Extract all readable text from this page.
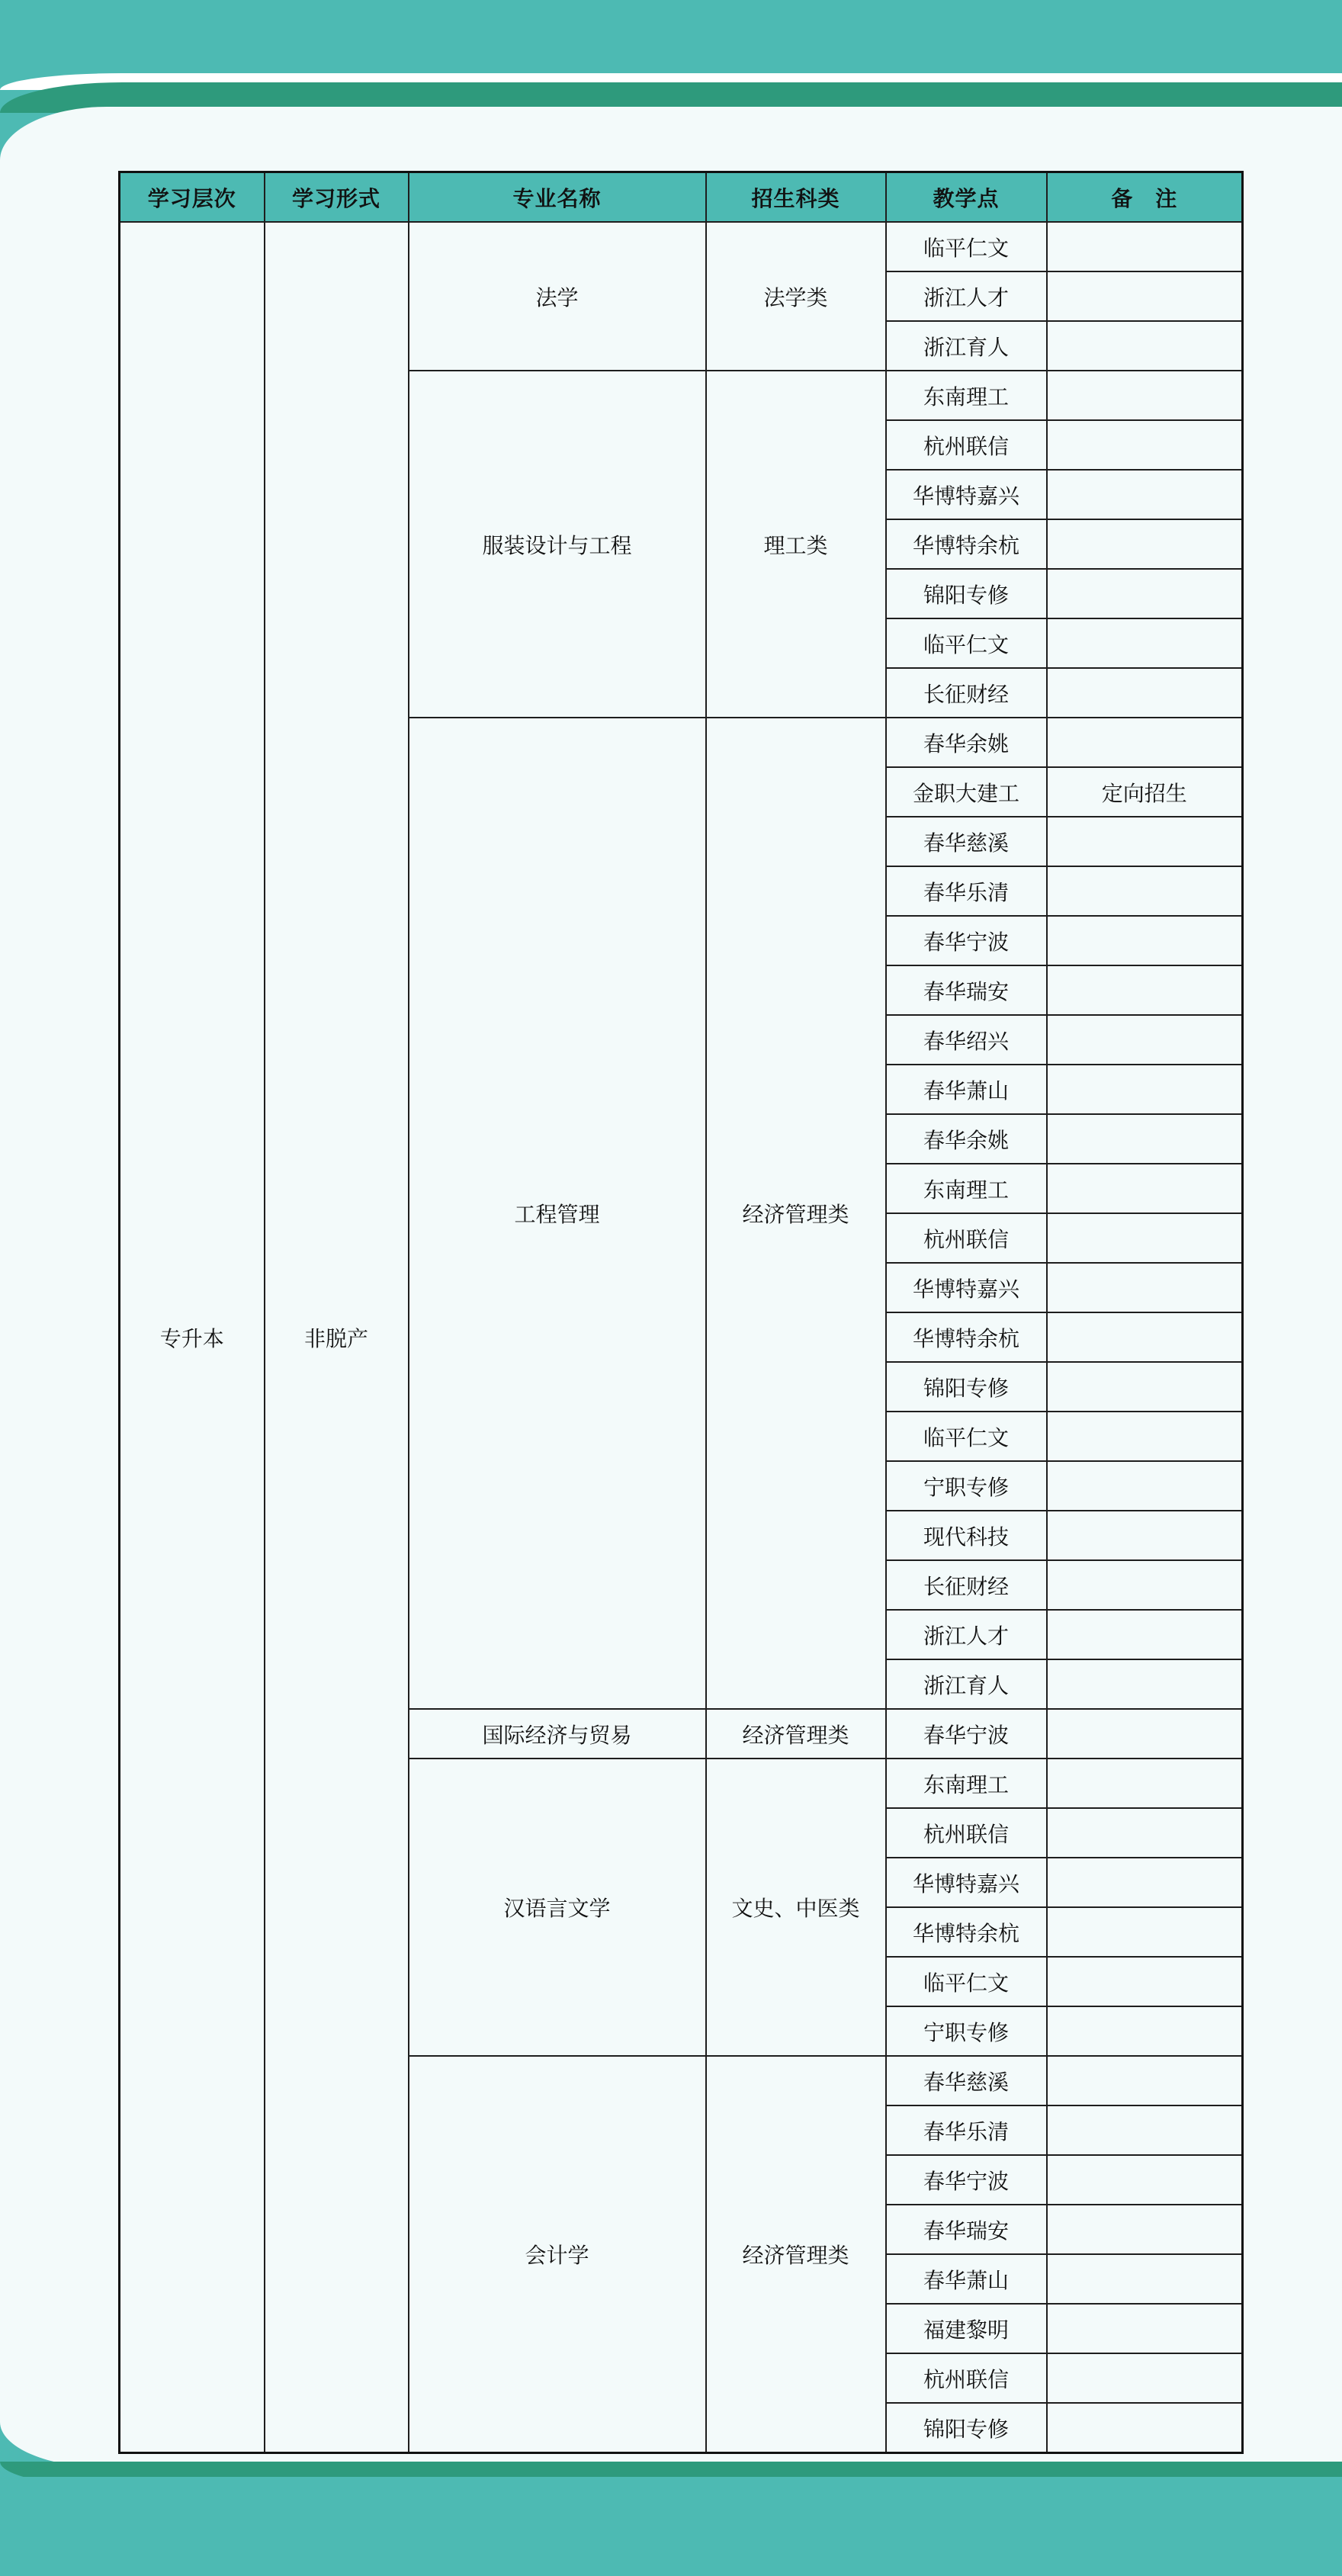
学习层次	学习形式	专业名称	招生科类	教学点	备　注
专升本	非脱产	法学	法学类	临平仁文	
				浙江人才	
				浙江育人	
		服装设计与工程	理工类	东南理工	
				杭州联信	
				华博特嘉兴	
				华博特余杭	
				锦阳专修	
				临平仁文	
				长征财经	
		工程管理	经济管理类	春华余姚	
				金职大建工	定向招生
				春华慈溪	
				春华乐清	
				春华宁波	
				春华瑞安	
				春华绍兴	
				春华萧山	
				春华余姚	
				东南理工	
				杭州联信	
				华博特嘉兴	
				华博特余杭	
				锦阳专修	
				临平仁文	
				宁职专修	
				现代科技	
				长征财经	
				浙江人才	
				浙江育人	
		国际经济与贸易	经济管理类	春华宁波	
		汉语言文学	文史、中医类	东南理工	
				杭州联信	
				华博特嘉兴	
				华博特余杭	
				临平仁文	
				宁职专修	
		会计学	经济管理类	春华慈溪	
				春华乐清	
				春华宁波	
				春华瑞安	
				春华萧山	
				福建黎明	
				杭州联信	
				锦阳专修	
